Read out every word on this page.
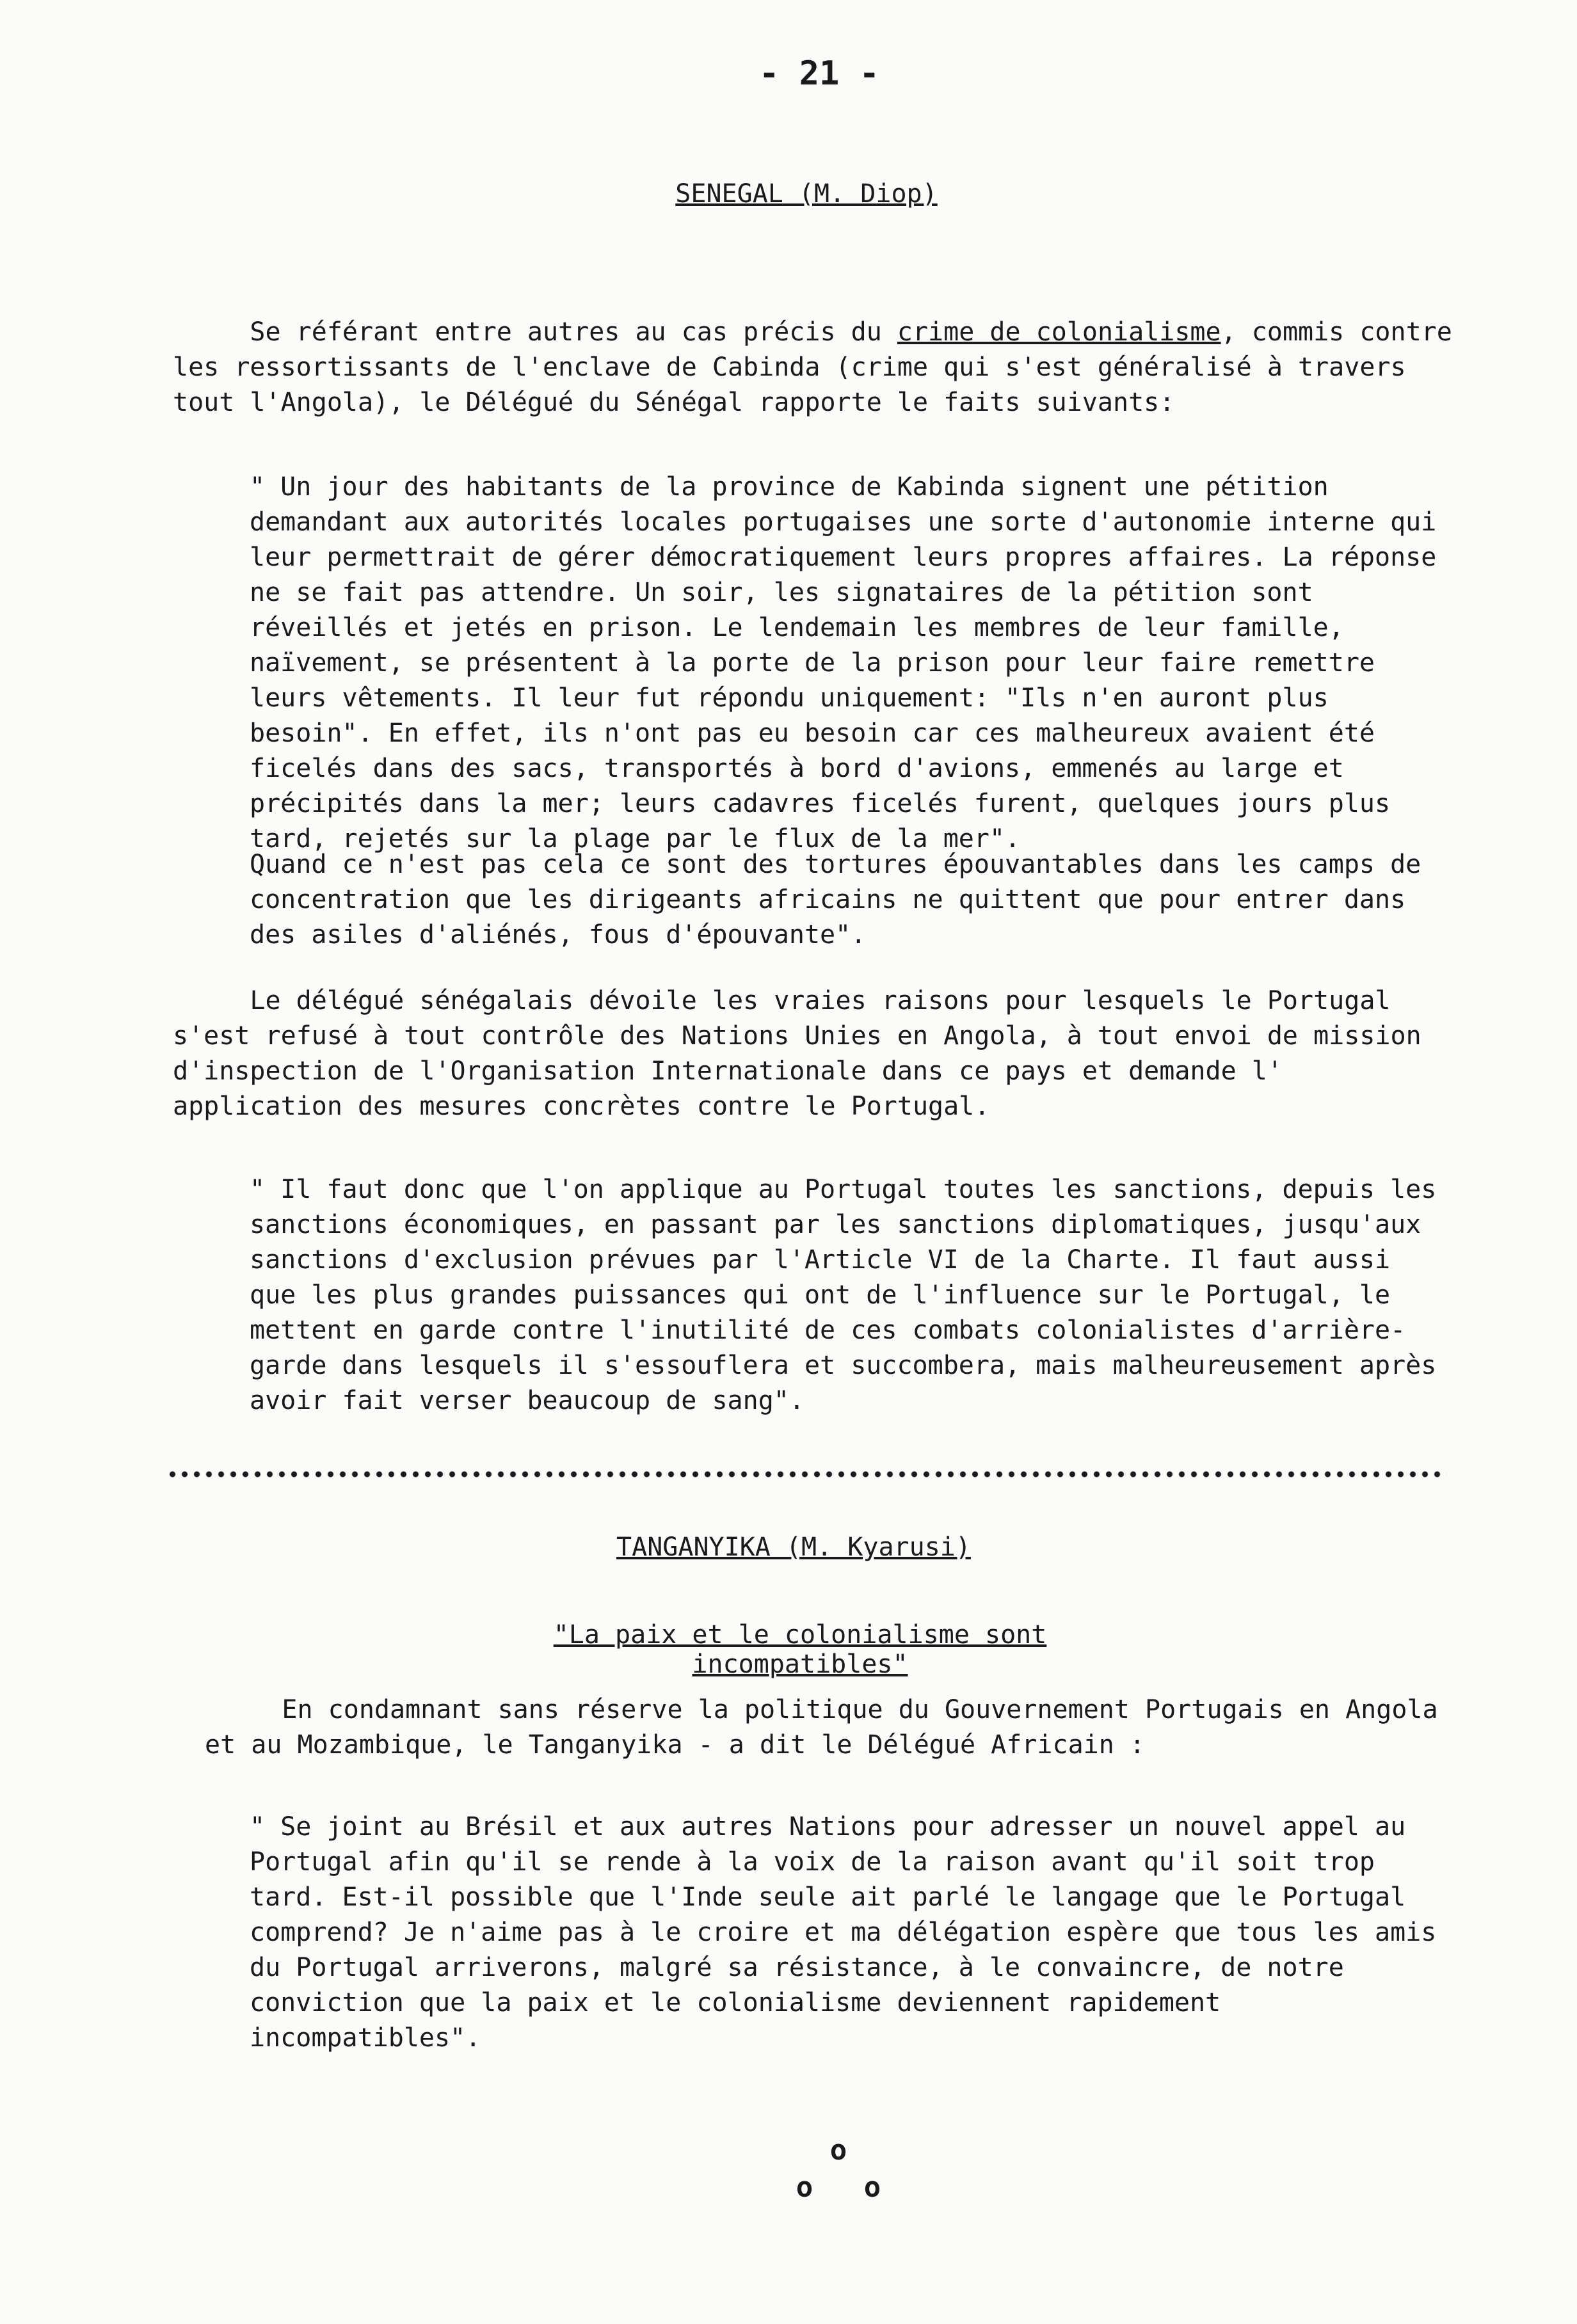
- 21 -
SENEGAL (M. Diop)

Se référant entre autres au cas précis du crime de colonialisme, commis contre les ressortissants de l'enclave de Cabinda (crime qui s'est généralisé à travers tout l'Angola), le Délégué du Sénégal rapporte le faits suivants:

" Un jour des habitants de la province de Kabinda signent une pétition demandant aux autorités locales portugaises une sorte d'autonomie interne qui leur permettrait de gérer démocratiquement leurs propres affaires. La réponse ne se fait pas attendre. Un soir, les signataires de la pétition sont réveillés et jetés en prison. Le lendemain les membres de leur famille, naïvement, se présentent à la porte de la prison pour leur faire remettre leurs vêtements. Il leur fut répondu uniquement: "Ils n'en auront plus besoin". En effet, ils n'ont pas eu besoin car ces malheureux avaient été ficelés dans des sacs, transportés à bord d'avions, emmenés au large et précipités dans la mer; leurs cadavres ficelés furent, quelques jours plus tard, rejetés sur la plage par le flux de la mer".

Quand ce n'est pas cela ce sont des tortures épouvantables dans les camps de concentration que les dirigeants africains ne quittent que pour entrer dans des asiles d'aliénés, fous d'épouvante".

Le délégué sénégalais dévoile les vraies raisons pour lesquels le Portugal s'est refusé à tout contrôle des Nations Unies en Angola, à tout envoi de mission d'inspection de l'Organisation Internationale dans ce pays et demande l' application des mesures concrètes contre le Portugal.

" Il faut donc que l'on applique au Portugal toutes les sanctions, depuis les sanctions économiques, en passant par les sanctions diplomatiques, jusqu'aux sanctions d'exclusion prévues par l'Article VI de la Charte. Il faut aussi que les plus grandes puissances qui ont de l'influence sur le Portugal, le mettent en garde contre l'inutilité de ces combats colonialistes d'arrière-garde dans lesquels il s'essouflera et succombera, mais malheureusement après avoir fait verser beaucoup de sang".

TANGANYIKA (M. Kyarusi)
"La paix et le colonialisme sont incompatibles"

En condamnant sans réserve la politique du Gouvernement Portugais en Angola et au Mozambique, le Tanganyika - a dit le Délégué Africain :

" Se joint au Brésil et aux autres Nations pour adresser un nouvel appel au Portugal afin qu'il se rende à la voix de la raison avant qu'il soit trop tard. Est-il possible que l'Inde seule ait parlé le langage que le Portugal comprend? Je n'aime pas à le croire et ma délégation espère que tous les amis du Portugal arriverons, malgré sa résistance, à le convaincre, de notre conviction que la paix et le colonialisme deviennent rapidement incompatibles".

o
o   o
